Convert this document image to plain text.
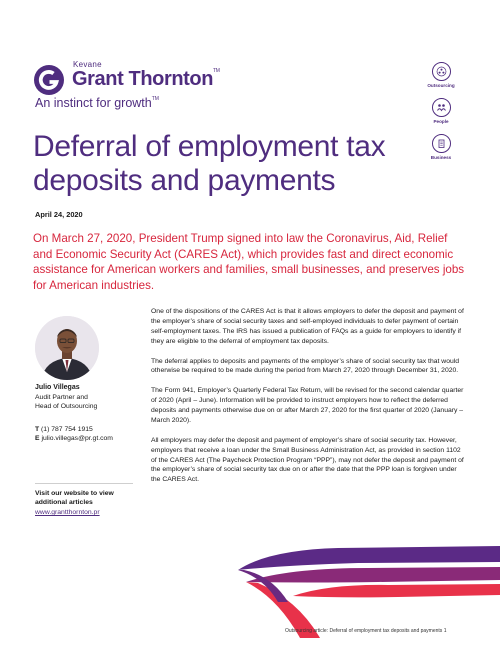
Kevane
Grant Thornton™
An instinct for growth™
Outsourcing
People
Business
Deferral of employment tax deposits and payments
April 24, 2020
On March 27, 2020, President Trump signed into law the Coronavirus, Aid, Relief and Economic Security Act (CARES Act), which provides fast and direct economic assistance for American workers and families, small businesses, and preserves jobs for American industries.
Julio Villegas
Audit Partner and
Head of Outsourcing
T (1) 787 754 1915
E julio.villegas@pr.gt.com
Visit our website to view additional articles
www.grantthornton.pr

One of the dispositions of the CARES Act is that it allows employers to defer the deposit and payment of the employer’s share of social security taxes and self-employed individuals to defer payment of certain self-employment taxes. The IRS has issued a publication of FAQs as a guide for employers to identify if they are eligible to the deferral of employment tax deposits.

The deferral applies to deposits and payments of the employer’s share of social security tax that would otherwise be required to be made during the period from March 27, 2020 through December 31, 2020.

The Form 941, Employer’s Quarterly Federal Tax Return, will be revised for the second calendar quarter of 2020 (April – June). Information will be provided to instruct employers how to reflect the deferred deposits and payments otherwise due on or after March 27, 2020 for the first quarter of 2020 (January – March 2020).

All employers may defer the deposit and payment of employer’s share of social security tax. However, employers that receive a loan under the Small Business Administration Act, as provided in section 1102 of the CARES Act (The Paycheck Protection Program “PPP”), may not defer the deposit and payment of the employer’s share of social security tax due on or after the date that the PPP loan is forgiven under the CARES Act.

Outsourcing article: Deferral of employment tax deposits and payments 1
